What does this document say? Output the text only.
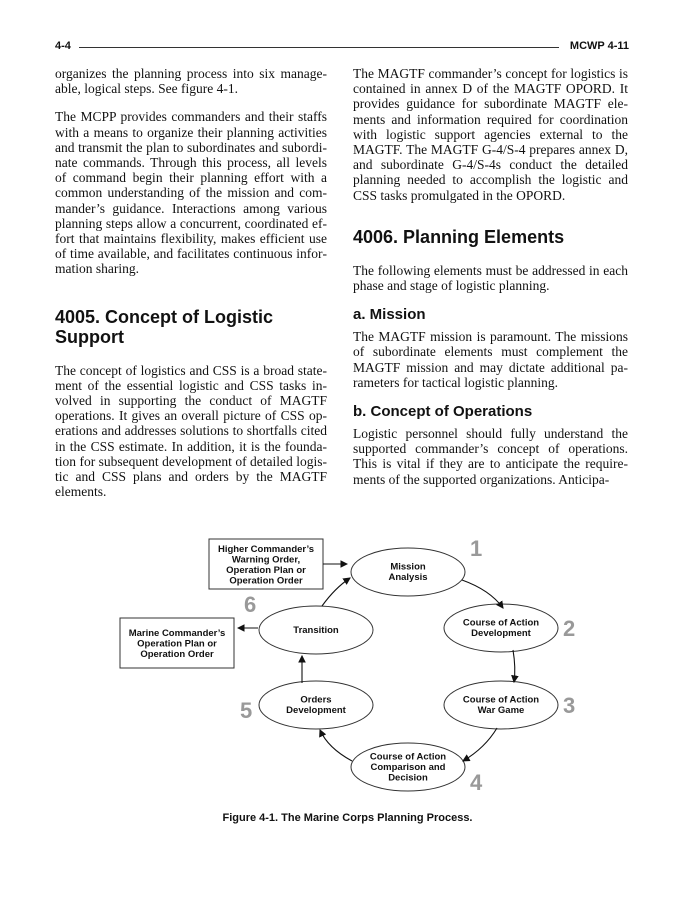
4-4	MCWP 4-11

organizes the planning process into six manageable, logical steps. See figure 4-1.

The MCPP provides commanders and their staffs with a means to organize their planning activities and transmit the plan to subordinates and subordinate commands. Through this process, all levels of command begin their planning effort with a common understanding of the mission and commander’s guidance. Interactions among various planning steps allow a concurrent, coordinated effort that maintains flexibility, makes efficient use of time available, and facilitates continuous information sharing.

4005. Concept of Logistic Support

The concept of logistics and CSS is a broad statement of the essential logistic and CSS tasks involved in supporting the conduct of MAGTF operations. It gives an overall picture of CSS operations and addresses solutions to shortfalls cited in the CSS estimate. In addition, it is the foundation for subsequent development of detailed logistic and CSS plans and orders by the MAGTF elements.

The MAGTF commander’s concept for logistics is contained in annex D of the MAGTF OPORD. It provides guidance for subordinate MAGTF elements and information required for coordination with logistic support agencies external to the MAGTF. The MAGTF G-4/S-4 prepares annex D, and subordinate G-4/S-4s conduct the detailed planning needed to accomplish the logistic and CSS tasks promulgated in the OPORD.

4006. Planning Elements

The following elements must be addressed in each phase and stage of logistic planning.

a. Mission

The MAGTF mission is paramount. The missions of subordinate elements must complement the MAGTF mission and may dictate additional parameters for tactical logistic planning.

b. Concept of Operations

Logistic personnel should fully understand the supported commander’s concept of operations. This is vital if they are to anticipate the requirements of the supported organizations. Anticipa-

1
Mission
Analysis
2
Course of Action
Development
3
Course of Action
War Game
4
Course of Action
Comparison and
Decision
5	Orders
Development
6
Transition
Higher Commander’s
Warning Order,
Operation Plan or
Operation Order
Marine Commander’s
Operation Plan or
Operation Order
Figure 4-1. The Marine Corps Planning Process.
